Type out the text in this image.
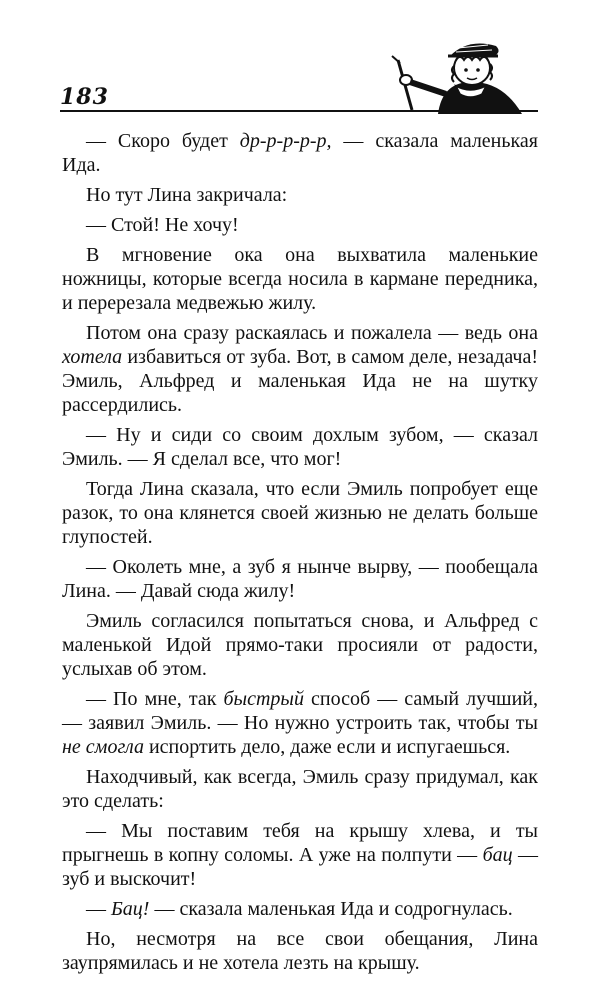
183

— Скоро будет др-р-р-р-р, — сказала маленькая Ида.

Но тут Лина закричала:

— Стой! Не хочу!

В мгновение ока она выхватила маленькие ножницы, которые всегда носила в кармане передника, и перерезала медвежью жилу.

Потом она сразу раскаялась и пожалела — ведь она хотела избавиться от зуба. Вот, в самом деле, незадача! Эмиль, Альфред и маленькая Ида не на шутку рассердились.

— Ну и сиди со своим дохлым зубом, — сказал Эмиль. — Я сделал все, что мог!

Тогда Лина сказала, что если Эмиль попробует еще разок, то она клянется своей жизнью не делать больше глупостей.

— Околеть мне, а зуб я нынче вырву, — пообещала Лина. — Давай сюда жилу!

Эмиль согласился попытаться снова, и Альфред с маленькой Идой прямо-таки просияли от радости, услыхав об этом.

— По мне, так быстрый способ — самый лучший, — заявил Эмиль. — Но нужно устроить так, чтобы ты не смогла испортить дело, даже если и испугаешься.

Находчивый, как всегда, Эмиль сразу придумал, как это сделать:

— Мы поставим тебя на крышу хлева, и ты прыгнешь в копну соломы. А уже на полпути — бац — зуб и выскочит!

— Бац! — сказала маленькая Ида и содрогнулась.

Но, несмотря на все свои обещания, Лина заупрямилась и не хотела лезть на крышу.
